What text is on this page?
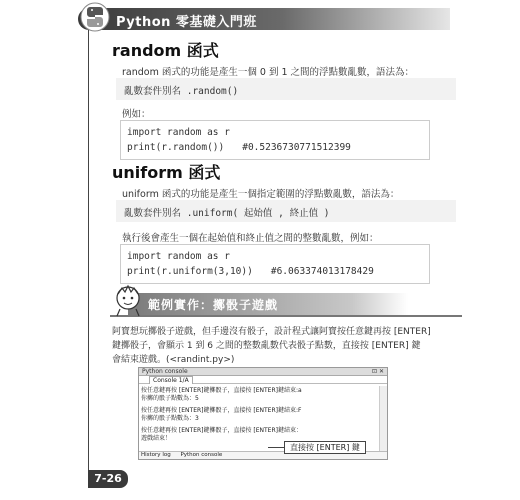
Python 零基礎入門班
random 函式
random 函式的功能是產生一個 0 到 1 之間的浮點數亂數，語法為：
亂數套件別名 .random()
例如：
import random as r
print(r.random()) #0.5236730771512399
uniform 函式
uniform 函式的功能是產生一個指定範圍的浮點數亂數，語法為：
亂數套件別名 .uniform( 起始值 , 終止值 )
執行後會產生一個在起始值和終止值之間的整數亂數，例如：
import random as r
print(r.uniform(3,10)) #6.063374013178429
範例實作：擲骰子遊戲
阿寶想玩擲骰子遊戲，但手邊沒有骰子，設計程式讓阿寶按任意鍵再按 [ENTER]
鍵擲骰子，會顯示 1 到 6 之間的整數亂數代表骰子點數，直接按 [ENTER] 鍵
會結束遊戲。(<randint.py>)
Python console	⊡ ✕
Console 1/A
按任意鍵再按 [ENTER]鍵擲骰子，直接按 [ENTER]鍵結束:a
你擲的骰子點數為：5
按任意鍵再按 [ENTER]鍵擲骰子，直接按 [ENTER]鍵結束:F
你擲的骰子點數為：3
按任意鍵再按 [ENTER]鍵擲骰子，直接按 [ENTER]鍵結束：
遊戲結束！
History log Python console
直接按 [ENTER] 鍵
7-26
